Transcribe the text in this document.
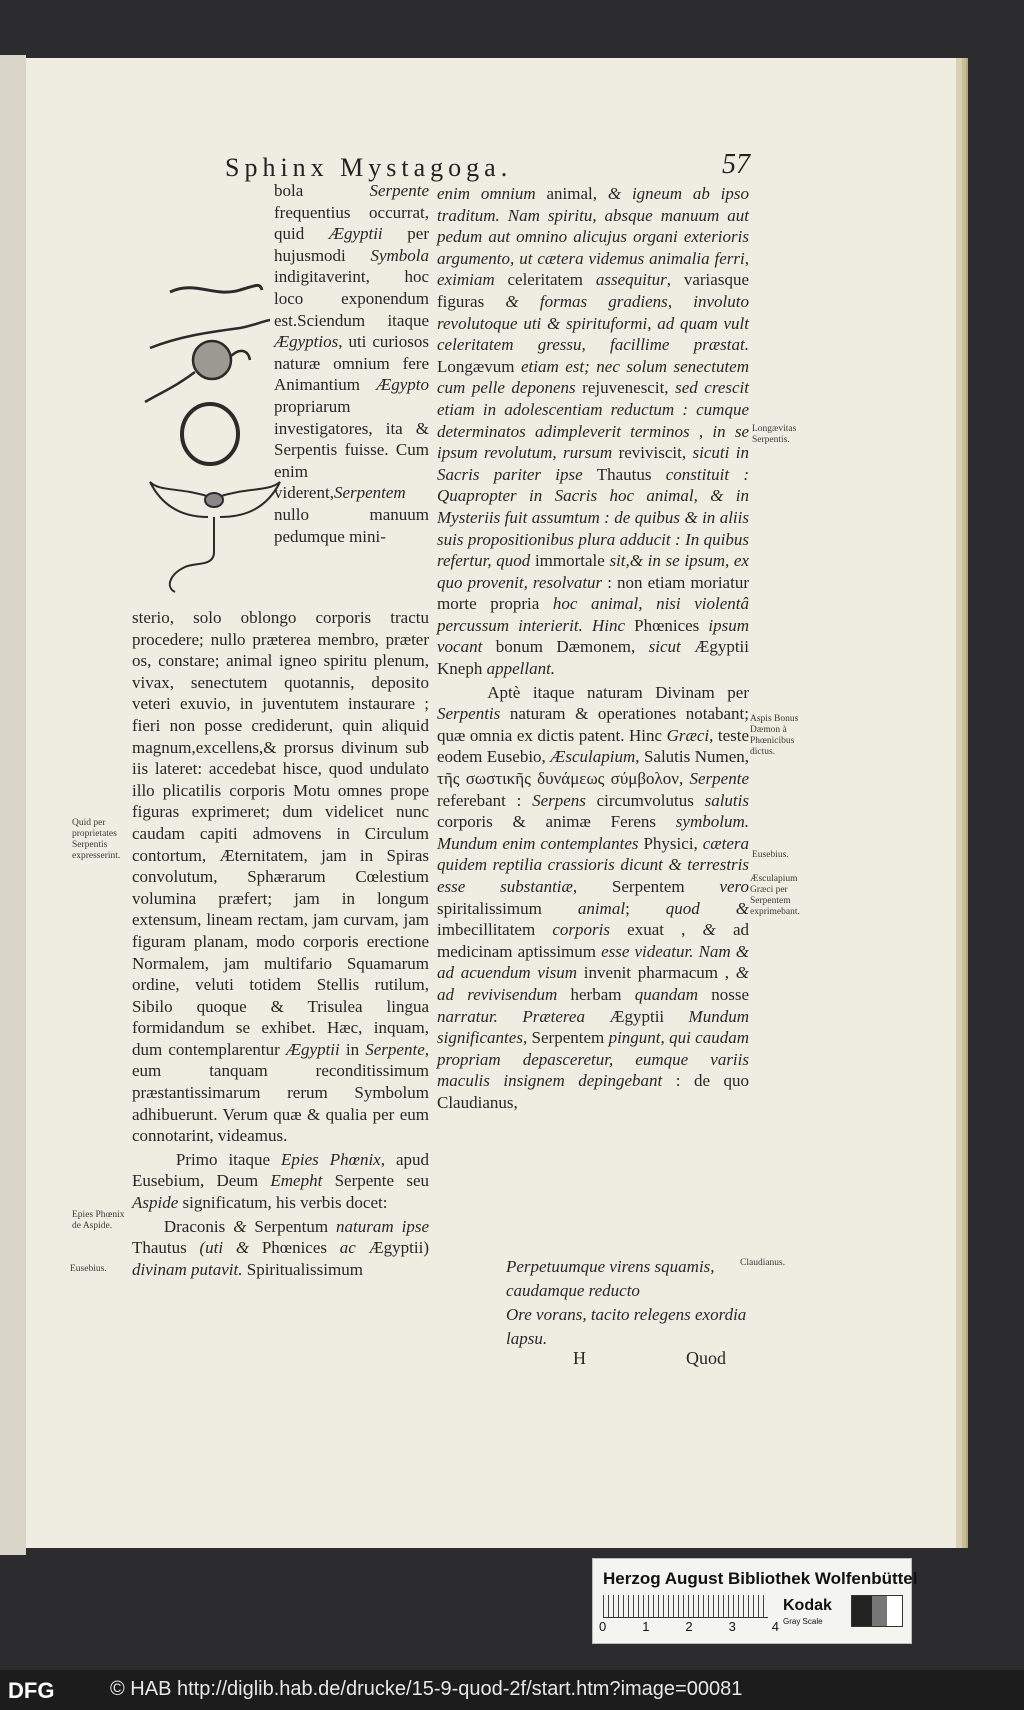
Sphinx Mystagoga.	57

bola Serpente frequentius occurrat, quid Ægyptii per hujusmodi Symbola indigitaverint, hoc loco exponendum est.Sciendum itaque Ægyptios, uti curiosos naturæ omnium fere Animantium Ægypto propriarum investigatores, ita & Serpentis fuisse. Cum enim viderent,Serpentem nullo manuum pedumque mini-

sterio, solo oblongo corporis tractu procedere; nullo præterea membro, præter os, constare; animal igneo spiritu plenum, vivax, senectutem quotannis, deposito veteri exuvio, in juventutem instaurare ; fieri non posse crediderunt, quin aliquid magnum,excellens,& prorsus divinum sub iis lateret: accedebat hisce, quod undulato illo plicatilis corporis Motu omnes prope figuras exprimeret; dum videlicet nunc caudam capiti admovens in Circulum contortum, Æternitatem, jam in Spiras convolutum, Sphærarum Cœlestium volumina præfert; jam in longum extensum, lineam rectam, jam curvam, jam figuram planam, modo corporis erectione Normalem, jam multifario Squamarum ordine, veluti totidem Stellis rutilum, Sibilo quoque & Trisulea lingua formidandum se exhibet. Hæc, inquam, dum contemplarentur Ægyptii in Serpente, eum tanquam reconditissimum præstantissimarum rerum Symbolum adhibuerunt. Verum quæ & qualia per eum connotarint, videamus.

Primo itaque Epies Phœnix, apud Eusebium, Deum Emepht Serpente seu Aspide significatum, his verbis docet:

Draconis & Serpentum naturam ipse Thautus (uti & Phœnices ac Ægyptii) divinam putavit. Spiritualissimum

enim omnium animal, & igneum ab ipso traditum. Nam spiritu, absque manuum aut pedum aut omnino alicujus organi exterioris argumento, ut cætera videmus animalia ferri, eximiam celeritatem assequitur, variasque figuras & formas gradiens, involuto revolutoque uti & spirituformi, ad quam vult celeritatem gressu, facillime præstat. Longævum etiam est; nec solum senectutem cum pelle deponens rejuvenescit, sed crescit etiam in adolescentiam reductum : cumque determinatos adimpleverit terminos , in se ipsum revolutum, rursum reviviscit, sicuti in Sacris pariter ipse Thautus constituit : Quapropter in Sacris hoc animal, & in Mysteriis fuit assumtum : de quibus & in aliis suis propositionibus plura adducit : In quibus refertur, quod immortale sit,& in se ipsum, ex quo provenit, resolvatur : non etiam moriatur morte propria hoc animal, nisi violentâ percussum interierit. Hinc Phœnices ipsum vocant bonum Dæmonem, sicut Ægyptii Kneph appellant.

Aptè itaque naturam Divinam per Serpentis naturam & operationes notabant; quæ omnia ex dictis patent. Hinc Græci, teste eodem Eusebio, Æsculapium, Salutis Numen, τῆς σωστικῆς δυνάμεως σύμβολον, Serpente referebant : Serpens circumvolutus salutis corporis & animæ Ferens symbolum. Mundum enim contemplantes Physici, cætera quidem reptilia crassioris dicunt & terrestris esse substantiæ, Serpentem vero spiritalissimum animal; quod & imbecillitatem corporis exuat , & ad medicinam aptissimum esse videatur. Nam & ad acuendum visum invenit pharmacum , & ad revivisendum herbam quandam nosse narratur. Præterea Ægyptii Mundum significantes, Serpentem pingunt, qui caudam propriam depasceretur, eumque variis maculis insignem depingebant : de quo Claudianus,

Perpetuumque virens squamis, caudamque reducto
Ore vorans, tacito relegens exordia lapsu.
H	Quod
Quid per proprietates Serpentis expresserint.
Epies Phœnix de Aspide.
Eusebius.
Longævitas Serpentis.
Aspis Bonus Dæmon à Phœnicibus dictus.
Eusebius.
Æsculapium Græci per Serpentem exprimebant.
Claudianus.
Herzog August Bibliothek Wolfenbüttel
0	1	2	3	4
Kodak
Gray Scale
DFG	© HAB http://diglib.hab.de/drucke/15-9-quod-2f/start.htm?image=00081
